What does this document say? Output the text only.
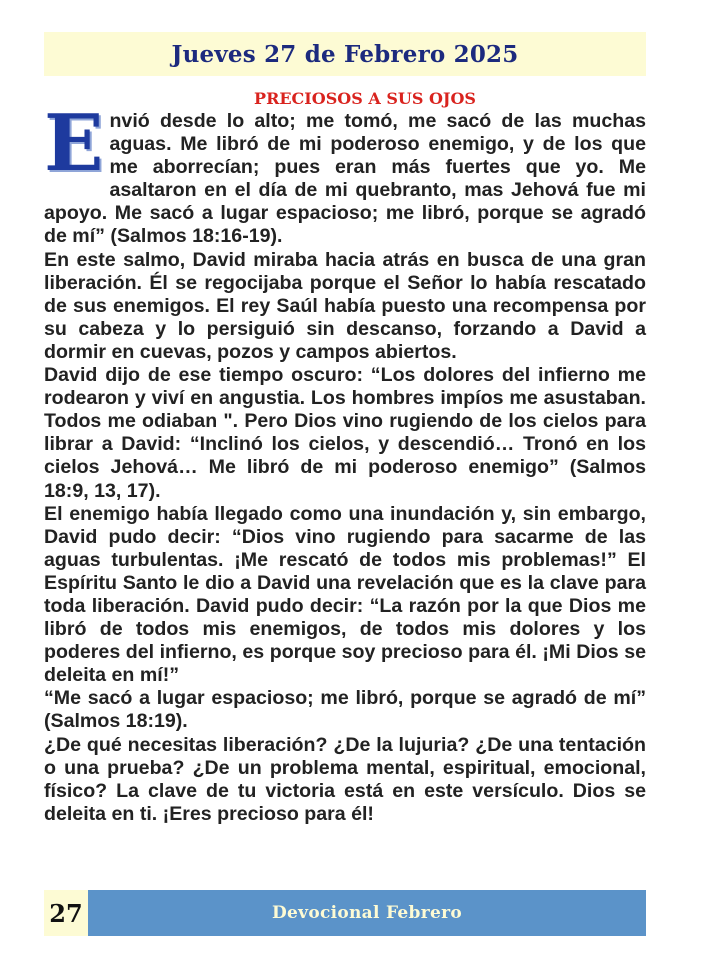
Jueves 27 de Febrero 2025
PRECIOSOS A SUS OJOS

Envió desde lo alto; me tomó, me sacó de las muchas aguas. Me libró de mi poderoso enemigo, y de los que me aborrecían; pues eran más fuertes que yo. Me asaltaron en el día de mi quebranto, mas Jehová fue mi apoyo. Me sacó a lugar espacioso; me libró, porque se agradó de mí” (Salmos 18:16-19).

En este salmo, David miraba hacia atrás en busca de una gran liberación. Él se regocijaba porque el Señor lo había rescatado de sus enemigos. El rey Saúl había puesto una recompensa por su cabeza y lo persiguió sin descanso, forzando a David a dormir en cuevas, pozos y campos abiertos.

David dijo de ese tiempo oscuro: “Los dolores del infierno me rodearon y viví en angustia. Los hombres impíos me asustaban. Todos me odiaban ". Pero Dios vino rugiendo de los cielos para librar a David: “Inclinó los cielos, y descendió… Tronó en los cielos Jehová… Me libró de mi poderoso enemigo” (Salmos 18:9, 13, 17).

El enemigo había llegado como una inundación y, sin embargo, David pudo decir: “Dios vino rugiendo para sacarme de las aguas turbulentas. ¡Me rescató de todos mis problemas!” El Espíritu Santo le dio a David una revelación que es la clave para toda liberación. David pudo decir: “La razón por la que Dios me libró de todos mis enemigos, de todos mis dolores y los poderes del infierno, es porque soy precioso para él. ¡Mi Dios se deleita en mí!”

“Me sacó a lugar espacioso; me libró, porque se agradó de mí” (Salmos 18:19).

¿De qué necesitas liberación? ¿De la lujuria? ¿De una tentación o una prueba? ¿De un problema mental, espiritual, emocional, físico? La clave de tu victoria está en este versículo. Dios se deleita en ti. ¡Eres precioso para él!

27	Devocional Febrero
